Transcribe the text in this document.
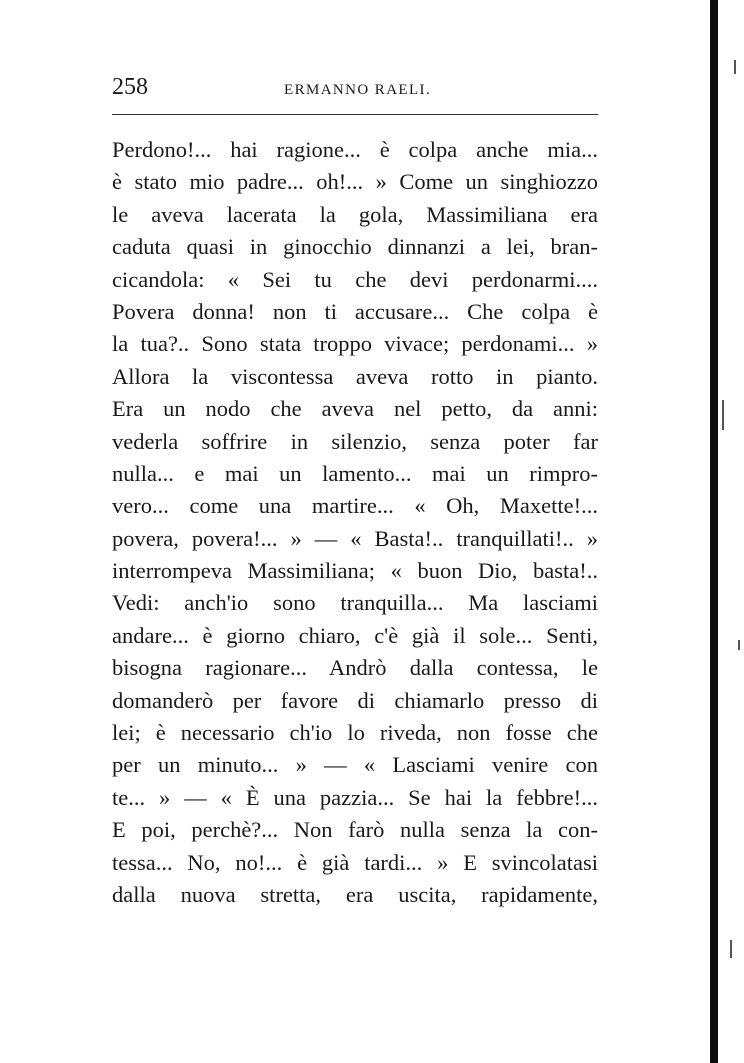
258	ERMANNO RAELI.
Perdono!... hai ragione... è colpa anche mia...
è stato mio padre... oh!... » Come un singhiozzo
le aveva lacerata la gola, Massimiliana era
caduta quasi in ginocchio dinnanzi a lei, bran-
cicandola: « Sei tu che devi perdonarmi....
Povera donna! non ti accusare... Che colpa è
la tua?.. Sono stata troppo vivace; perdonami... »
Allora la viscontessa aveva rotto in pianto.
Era un nodo che aveva nel petto, da anni:
vederla soffrire in silenzio, senza poter far
nulla... e mai un lamento... mai un rimpro-
vero... come una martire... « Oh, Maxette!...
povera, povera!... » — « Basta!.. tranquillati!.. »
interrompeva Massimiliana; « buon Dio, basta!..
Vedi: anch'io sono tranquilla... Ma lasciami
andare... è giorno chiaro, c'è già il sole... Senti,
bisogna ragionare... Andrò dalla contessa, le
domanderò per favore di chiamarlo presso di
lei; è necessario ch'io lo riveda, non fosse che
per un minuto... » — « Lasciami venire con
te... » — « È una pazzia... Se hai la febbre!...
E poi, perchè?... Non farò nulla senza la con-
tessa... No, no!... è già tardi... » E svincolatasi
dalla nuova stretta, era uscita, rapidamente,
